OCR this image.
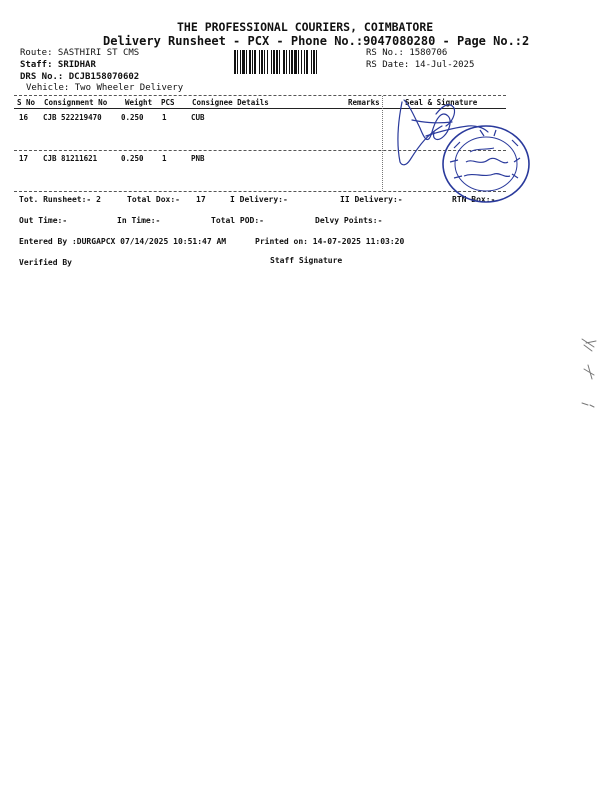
THE PROFESSIONAL COURIERS, COIMBATORE
Delivery Runsheet - PCX - Phone No.:9047080280 - Page No.:2
Route: SASTHIRI ST CMS
Staff: SRIDHAR
DRS No.: DCJB158070602
Vehicle: Two Wheeler Delivery
RS No.: 1580706
RS Date: 14-Jul-2025
S No Consignment No Weight PCS Consignee Details	Remarks	Seal & Signature
16 CJB 522219470	0.250 1	CUB
17 CJB 81211621	0.250 1	PNB
Tot. Runsheet:- 2	Total Dox:- 17	I Delivery:-	II Delivery:-	RTN Box:-
Out Time:-	In Time:-	Total POD:-	Delvy Points:-
Entered By :DURGAPCX 07/14/2025 10:51:47 AM	Printed on: 14-07-2025 11:03:20
Verified By	Staff Signature
